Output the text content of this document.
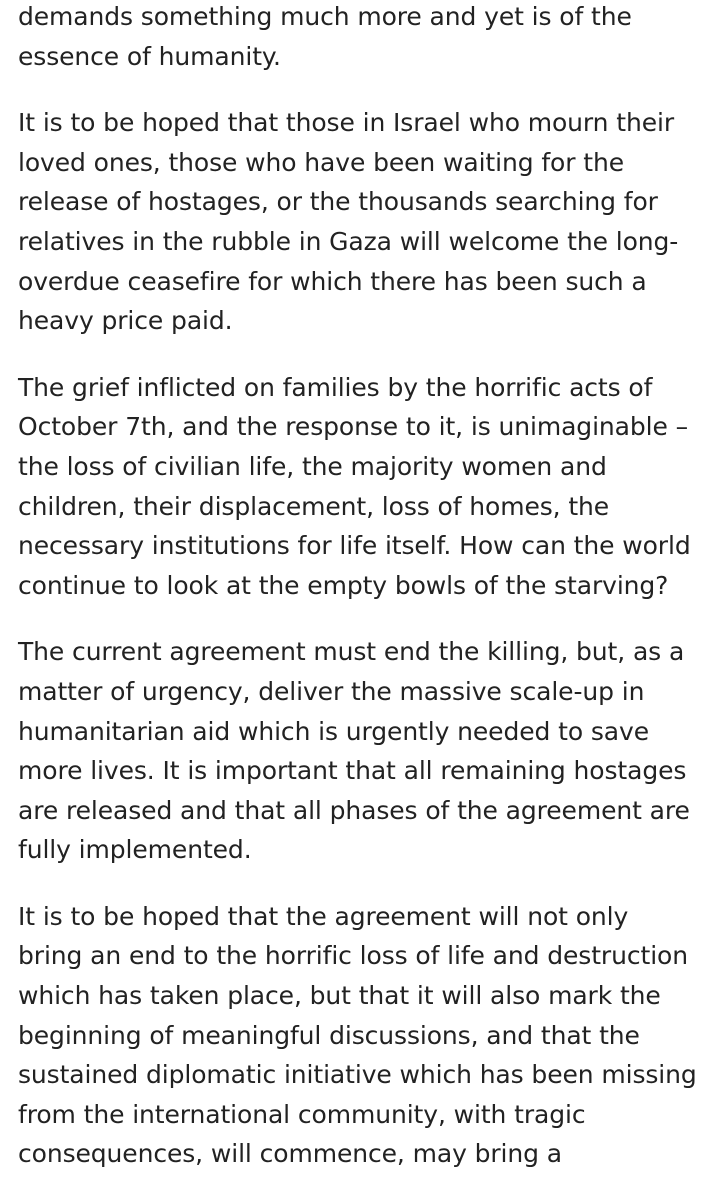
demands something much more and yet is of the essence of humanity.

It is to be hoped that those in Israel who mourn their loved ones, those who have been waiting for the release of hostages, or the thousands searching for relatives in the rubble in Gaza will welcome the long-overdue ceasefire for which there has been such a heavy price paid.

The grief inflicted on families by the horrific acts of October 7th, and the response to it, is unimaginable – the loss of civilian life, the majority women and children, their displacement, loss of homes, the necessary institutions for life itself. How can the world continue to look at the empty bowls of the starving?

The current agreement must end the killing, but, as a matter of urgency, deliver the massive scale-up in humanitarian aid which is urgently needed to save more lives. It is important that all remaining hostages are released and that all phases of the agreement are fully implemented.

It is to be hoped that the agreement will not only bring an end to the horrific loss of life and destruction which has taken place, but that it will also mark the beginning of meaningful discussions, and that the sustained diplomatic initiative which has been missing from the international community, with tragic consequences, will commence, may bring a
